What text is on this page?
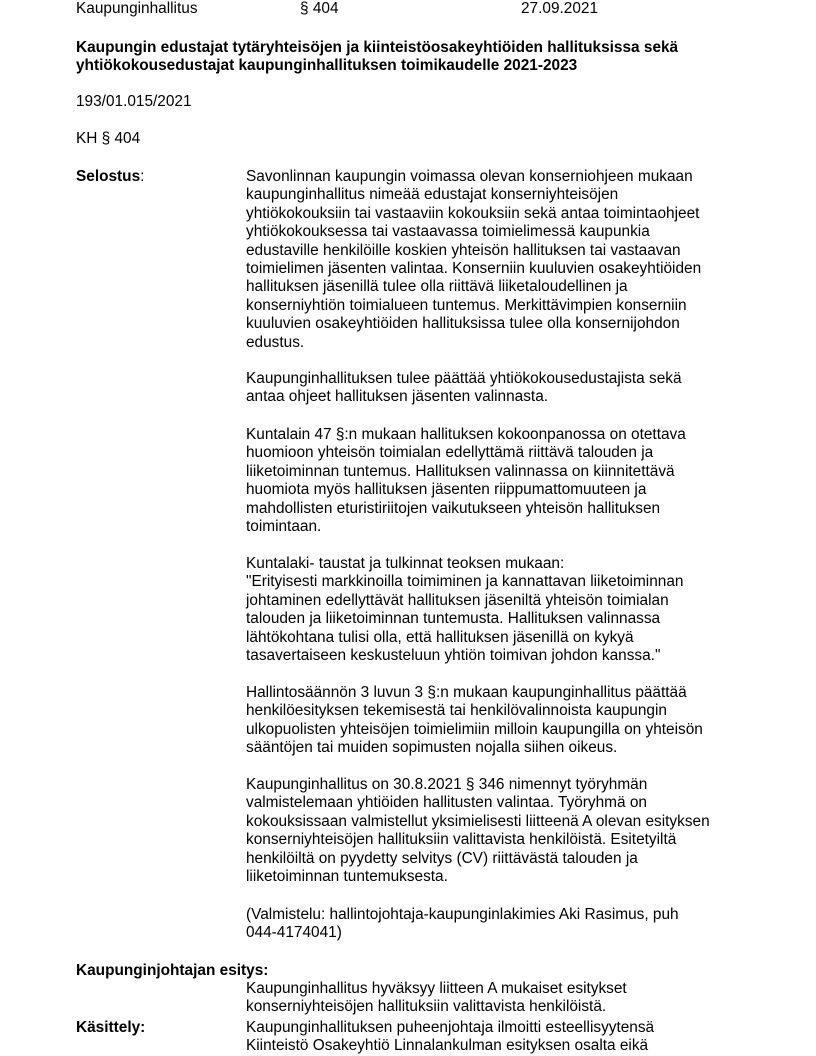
Kaupunginhallitus	§ 404	27.09.2021
Kaupungin edustajat tytäryhteisöjen ja kiinteistöosakeyhtiöiden hallituksissa sekä
yhtiökokousedustajat kaupunginhallituksen toimikaudelle 2021-2023
193/01.015/2021
KH § 404
Selostus:	Savonlinnan kaupungin voimassa olevan konserniohjeen mukaan
kaupunginhallitus nimeää edustajat konserniyhteisöjen
yhtiökokouksiin tai vastaaviin kokouksiin sekä antaa toimintaohjeet
yhtiökokouksessa tai vastaavassa toimielimessä kaupunkia
edustaville henkilöille koskien yhteisön hallituksen tai vastaavan
toimielimen jäsenten valintaa. Konserniin kuuluvien osakeyhtiöiden
hallituksen jäsenillä tulee olla riittävä liiketaloudellinen ja
konserniyhtiön toimialueen tuntemus. Merkittävimpien konserniin
kuuluvien osakeyhtiöiden hallituksissa tulee olla konsernijohdon
edustus.
Kaupunginhallituksen tulee päättää yhtiökokousedustajista sekä
antaa ohjeet hallituksen jäsenten valinnasta.
Kuntalain 47 §:n mukaan hallituksen kokoonpanossa on otettava
huomioon yhteisön toimialan edellyttämä riittävä talouden ja
liiketoiminnan tuntemus. Hallituksen valinnassa on kiinnitettävä
huomiota myös hallituksen jäsenten riippumattomuuteen ja
mahdollisten eturistiriitojen vaikutukseen yhteisön hallituksen
toimintaan.
Kuntalaki- taustat ja tulkinnat teoksen mukaan:
"Erityisesti markkinoilla toimiminen ja kannattavan liiketoiminnan
johtaminen edellyttävät hallituksen jäseniltä yhteisön toimialan
talouden ja liiketoiminnan tuntemusta. Hallituksen valinnassa
lähtökohtana tulisi olla, että hallituksen jäsenillä on kykyä
tasavertaiseen keskusteluun yhtiön toimivan johdon kanssa."
Hallintosäännön 3 luvun 3 §:n mukaan kaupunginhallitus päättää
henkilöesityksen tekemisestä tai henkilövalinnoista kaupungin
ulkopuolisten yhteisöjen toimielimiin milloin kaupungilla on yhteisön
sääntöjen tai muiden sopimusten nojalla siihen oikeus.
Kaupunginhallitus on 30.8.2021 § 346 nimennyt työryhmän
valmistelemaan yhtiöiden hallitusten valintaa. Työryhmä on
kokouksissaan valmistellut yksimielisesti liitteenä A olevan esityksen
konserniyhteisöjen hallituksiin valittavista henkilöistä. Esitetyiltä
henkilöiltä on pyydetty selvitys (CV) riittävästä talouden ja
liiketoiminnan tuntemuksesta.
(Valmistelu: hallintojohtaja-kaupunginlakimies Aki Rasimus, puh
044-4174041)
Kaupunginjohtajan esitys:
Kaupunginhallitus hyväksyy liitteen A mukaiset esitykset
konserniyhteisöjen hallituksiin valittavista henkilöistä.
Käsittely:	Kaupunginhallituksen puheenjohtaja ilmoitti esteellisyytensä
Kiinteistö Osakeyhtiö Linnalankulman esityksen osalta eikä
